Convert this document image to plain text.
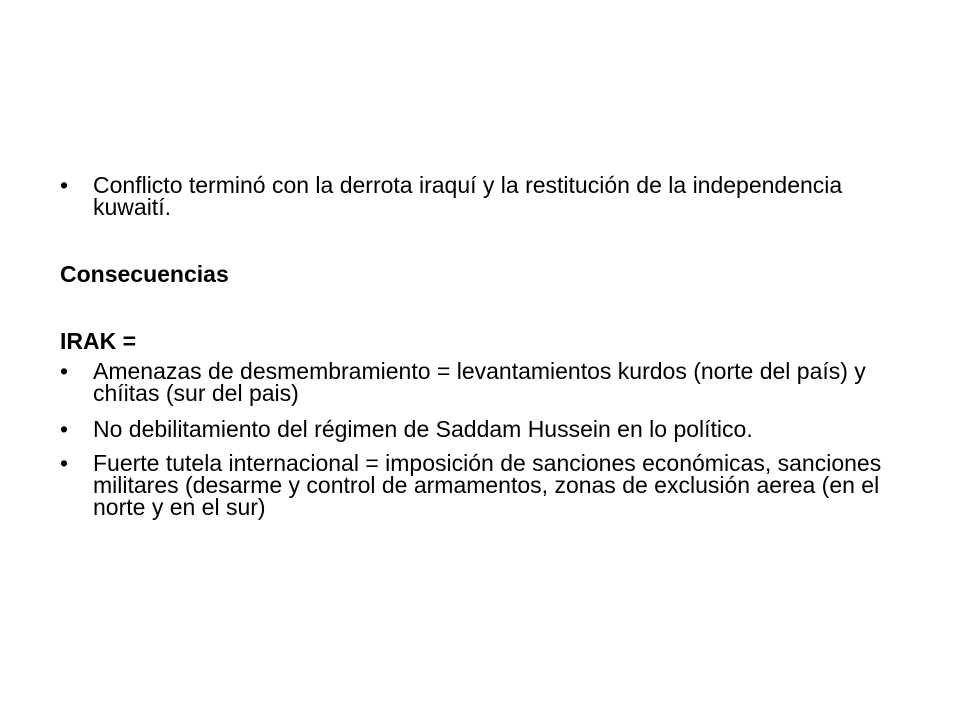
•	Conflicto terminó con la derrota iraquí y la restitución de la independencia kuwaití.
Consecuencias
IRAK =
•	Amenazas de desmembramiento = levantamientos kurdos (norte del país) y chíitas (sur del pais)
•	No debilitamiento del régimen de Saddam Hussein en lo político.
•	Fuerte tutela internacional = imposición de sanciones económicas, sanciones militares (desarme y control de armamentos, zonas de exclusión aerea (en el norte y en el sur)
